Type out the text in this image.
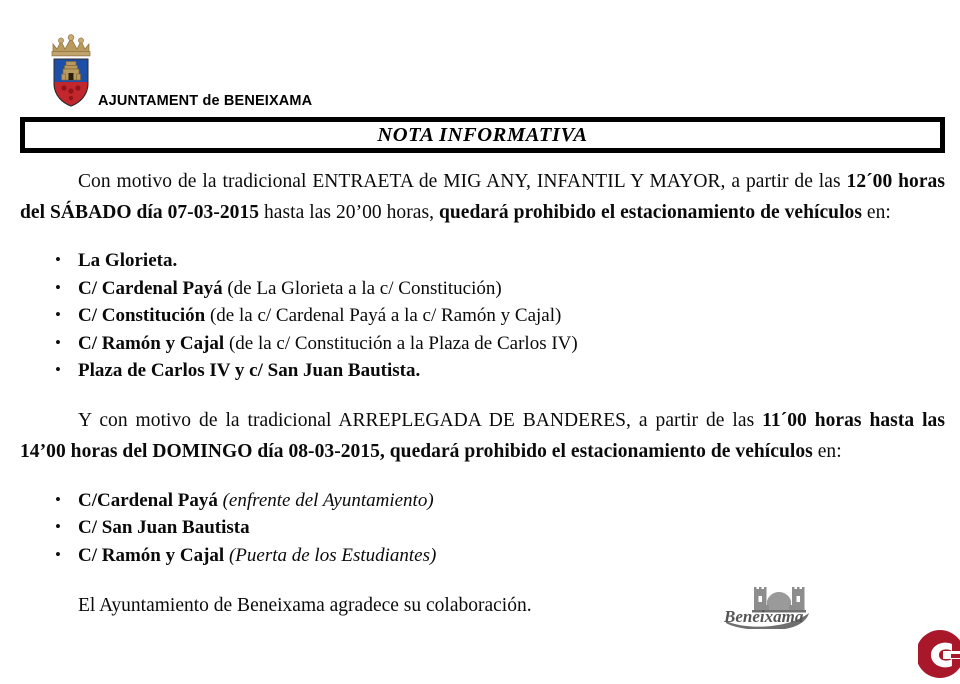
AJUNTAMENT de BENEIXAMA
NOTA INFORMATIVA

Con motivo de la tradicional ENTRAETA de MIG ANY, INFANTIL Y MAYOR, a partir de las 12´00 horas del SÁBADO día 07-03-2015 hasta las 20’00 horas, quedará prohibido el estacionamiento de vehículos en:

• La Glorieta.
• C/ Cardenal Payá (de La Glorieta a la c/ Constitución)
• C/ Constitución (de la c/ Cardenal Payá a la c/ Ramón y Cajal)
• C/ Ramón y Cajal (de la c/ Constitución a la Plaza de Carlos IV)
• Plaza de Carlos IV y c/ San Juan Bautista.

Y con motivo de la tradicional ARREPLEGADA DE BANDERES, a partir de las 11´00 horas hasta las 14’00 horas del DOMINGO día 08-03-2015, quedará prohibido el estacionamiento de vehículos en:

• C/Cardenal Payá (enfrente del Ayuntamiento)
• C/ San Juan Bautista
• C/ Ramón y Cajal (Puerta de los Estudiantes)

El Ayuntamiento de Beneixama agradece su colaboración.

Beneixama
